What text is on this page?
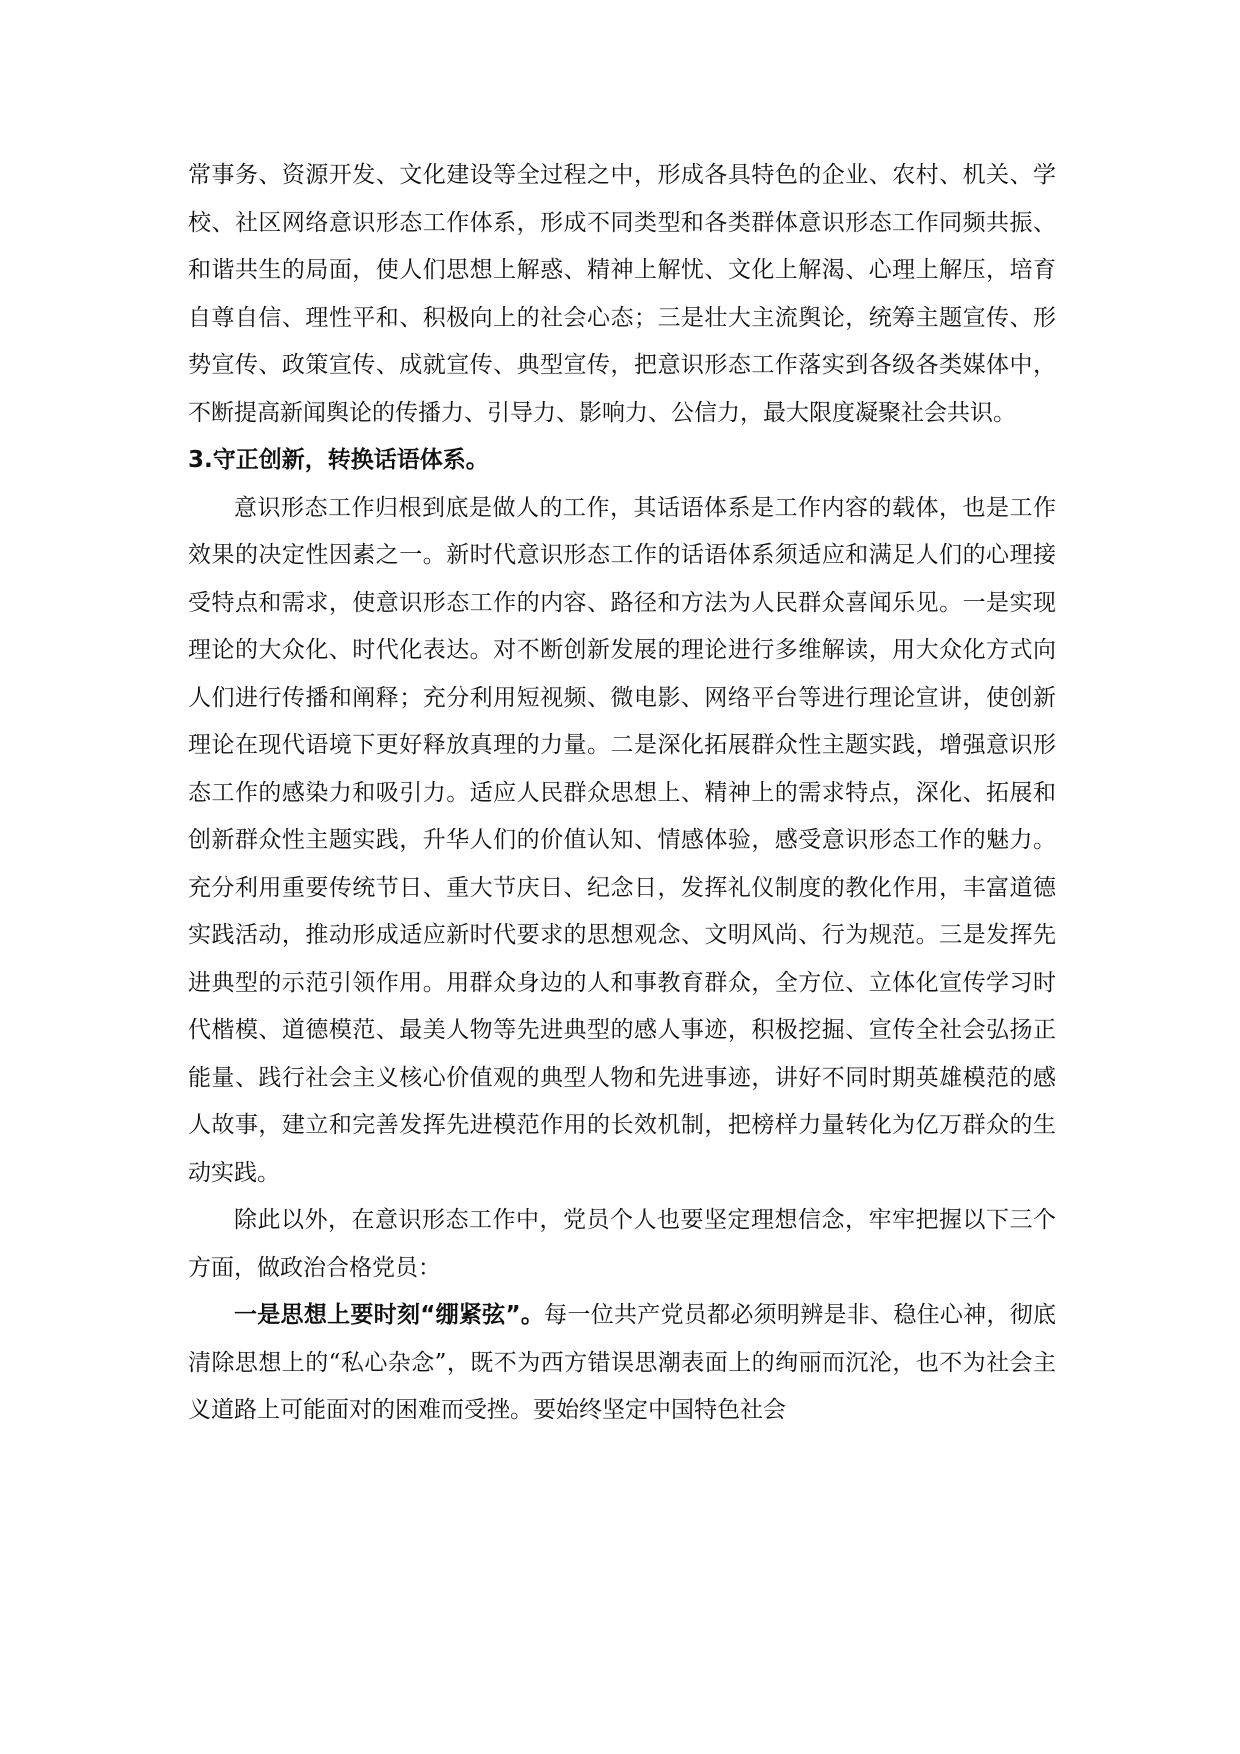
常事务、资源开发、文化建设等全过程之中，形成各具特色的企业、农村、机关、学校、社区网络意识形态工作体系，形成不同类型和各类群体意识形态工作同频共振、和谐共生的局面，使人们思想上解惑、精神上解忧、文化上解渴、心理上解压，培育自尊自信、理性平和、积极向上的社会心态；三是壮大主流舆论，统筹主题宣传、形势宣传、政策宣传、成就宣传、典型宣传，把意识形态工作落实到各级各类媒体中，不断提高新闻舆论的传播力、引导力、影响力、公信力，最大限度凝聚社会共识。

3.守正创新，转换话语体系。

意识形态工作归根到底是做人的工作，其话语体系是工作内容的载体，也是工作效果的决定性因素之一。新时代意识形态工作的话语体系须适应和满足人们的心理接受特点和需求，使意识形态工作的内容、路径和方法为人民群众喜闻乐见。一是实现理论的大众化、时代化表达。对不断创新发展的理论进行多维解读，用大众化方式向人们进行传播和阐释；充分利用短视频、微电影、网络平台等进行理论宣讲，使创新理论在现代语境下更好释放真理的力量。二是深化拓展群众性主题实践，增强意识形态工作的感染力和吸引力。适应人民群众思想上、精神上的需求特点，深化、拓展和创新群众性主题实践，升华人们的价值认知、情感体验，感受意识形态工作的魅力。充分利用重要传统节日、重大节庆日、纪念日，发挥礼仪制度的教化作用，丰富道德实践活动，推动形成适应新时代要求的思想观念、文明风尚、行为规范。三是发挥先进典型的示范引领作用。用群众身边的人和事教育群众，全方位、立体化宣传学习时代楷模、道德模范、最美人物等先进典型的感人事迹，积极挖掘、宣传全社会弘扬正能量、践行社会主义核心价值观的典型人物和先进事迹，讲好不同时期英雄模范的感人故事，建立和完善发挥先进模范作用的长效机制，把榜样力量转化为亿万群众的生动实践。

除此以外，在意识形态工作中，党员个人也要坚定理想信念，牢牢把握以下三个方面，做政治合格党员：

一是思想上要时刻“绷紧弦”。每一位共产党员都必须明辨是非、稳住心神，彻底清除思想上的“私心杂念”，既不为西方错误思潮表面上的绚丽而沉沦，也不为社会主义道路上可能面对的困难而受挫。要始终坚定中国特色社会
